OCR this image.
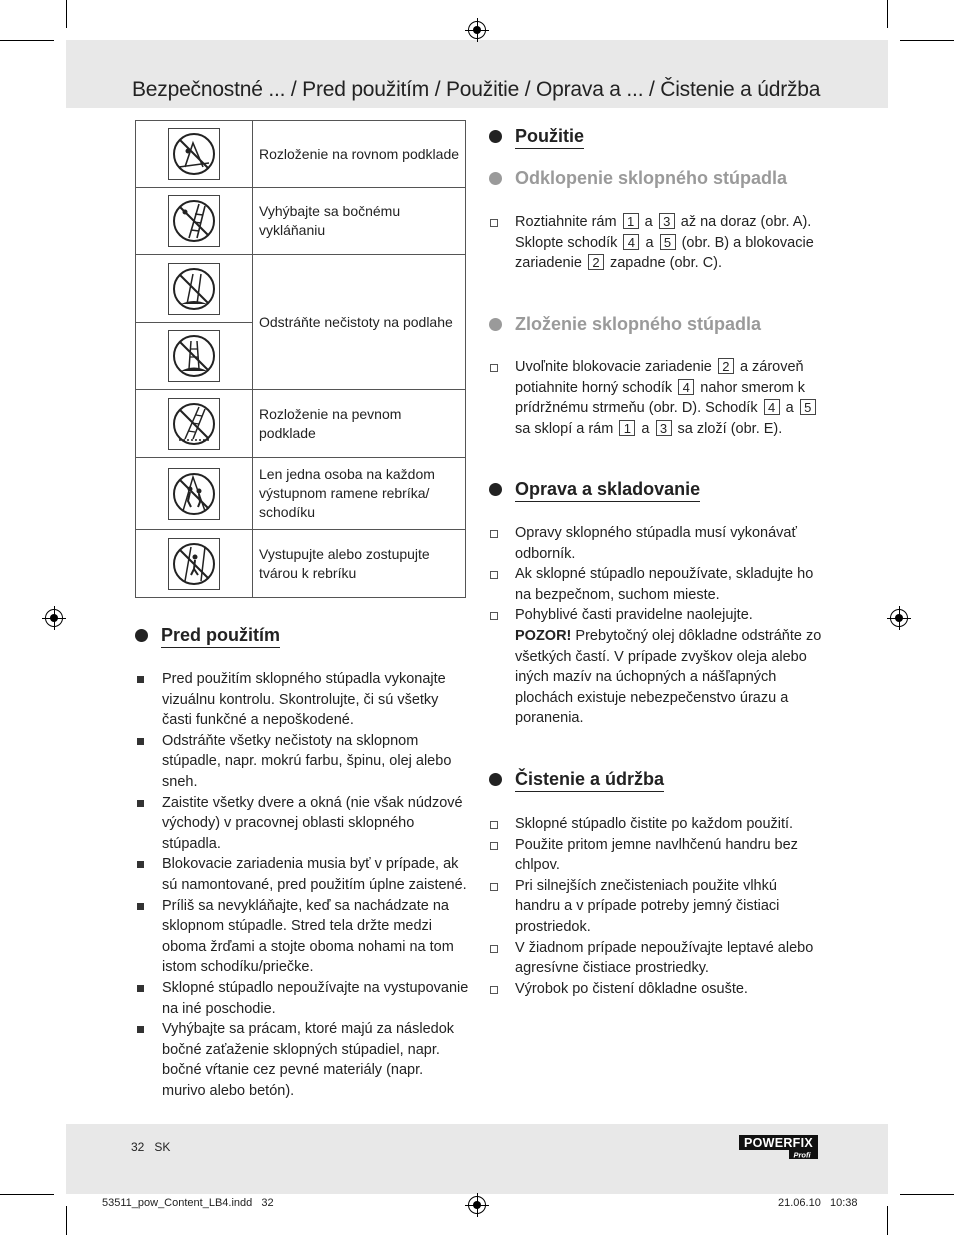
Bezpečnostné ... / Pred použitím / Použitie / Oprava a ... / Čistenie a údržba
	Rozloženie na rovnom podklade

	Vyhýbajte sa bočnému vykláňaniu

	Odstráňte nečistoty na podlahe

	Rozloženie na pevnom podklade

	Len jedna osoba na každom výstupnom ramene rebríka/ schodíku

	Vystupujte alebo zostupujte tvárou k rebríku
Pred použitím
Pred použitím sklopného stúpadla vykonajte vizuálnu kontrolu. Skontrolujte, či sú všetky časti funkčné a nepoškodené.
Odstráňte všetky nečistoty na sklopnom stúpadle, napr. mokrú farbu, špinu, olej alebo sneh.
Zaistite všetky dvere a okná (nie však núdzové východy) v pracovnej oblasti sklopného stúpadla.
Blokovacie zariadenia musia byť v prípade, ak sú namontované, pred použitím úplne zaistené.
Príliš sa nevykláňajte, keď sa nachádzate na sklopnom stúpadle. Stred tela držte medzi oboma žrďami a stojte oboma nohami na tom istom schodíku/priečke.
Sklopné stúpadlo nepoužívajte na vystupovanie na iné poschodie.
Vyhýbajte sa prácam, ktoré majú za následok bočné zaťaženie sklopných stúpadiel, napr. bočné vŕtanie cez pevné materiály (napr. murivo alebo betón).
Použitie
Odklopenie sklopného stúpadla
Roztiahnite rám 1 a 3 až na doraz (obr. A). Sklopte schodík 4 a 5 (obr. B) a blokovacie zariadenie 2 zapadne (obr. C).
Zloženie sklopného stúpadla
Uvoľnite blokovacie zariadenie 2 a zároveň potiahnite horný schodík 4 nahor smerom k prídržnému strmeňu (obr. D). Schodík 4 a 5 sa sklopí a rám 1 a 3 sa zloží (obr. E).
Oprava a skladovanie
Opravy sklopného stúpadla musí vykonávať odborník.
Ak sklopné stúpadlo nepoužívate, skladujte ho na bezpečnom, suchom mieste.
Pohyblivé časti pravidelne naolejujte.
POZOR! Prebytočný olej dôkladne odstráňte zo všetkých častí. V prípade zvyškov oleja alebo iných mazív na úchopných a nášľapných plochách existuje nebezpečenstvo úrazu a poranenia.
Čistenie a údržba
Sklopné stúpadlo čistite po každom použití.
Použite pritom jemne navlhčenú handru bez chlpov.
Pri silnejších znečisteniach použite vlhkú handru a v prípade potreby jemný čistiaci prostriedok.
V žiadnom prípade nepoužívajte leptavé alebo agresívne čistiace prostriedky.
Výrobok po čistení dôkladne osušte.
32 SK	POWERFIX
Profi
53511_pow_Content_LB4.indd   32	21.06.10   10:38
